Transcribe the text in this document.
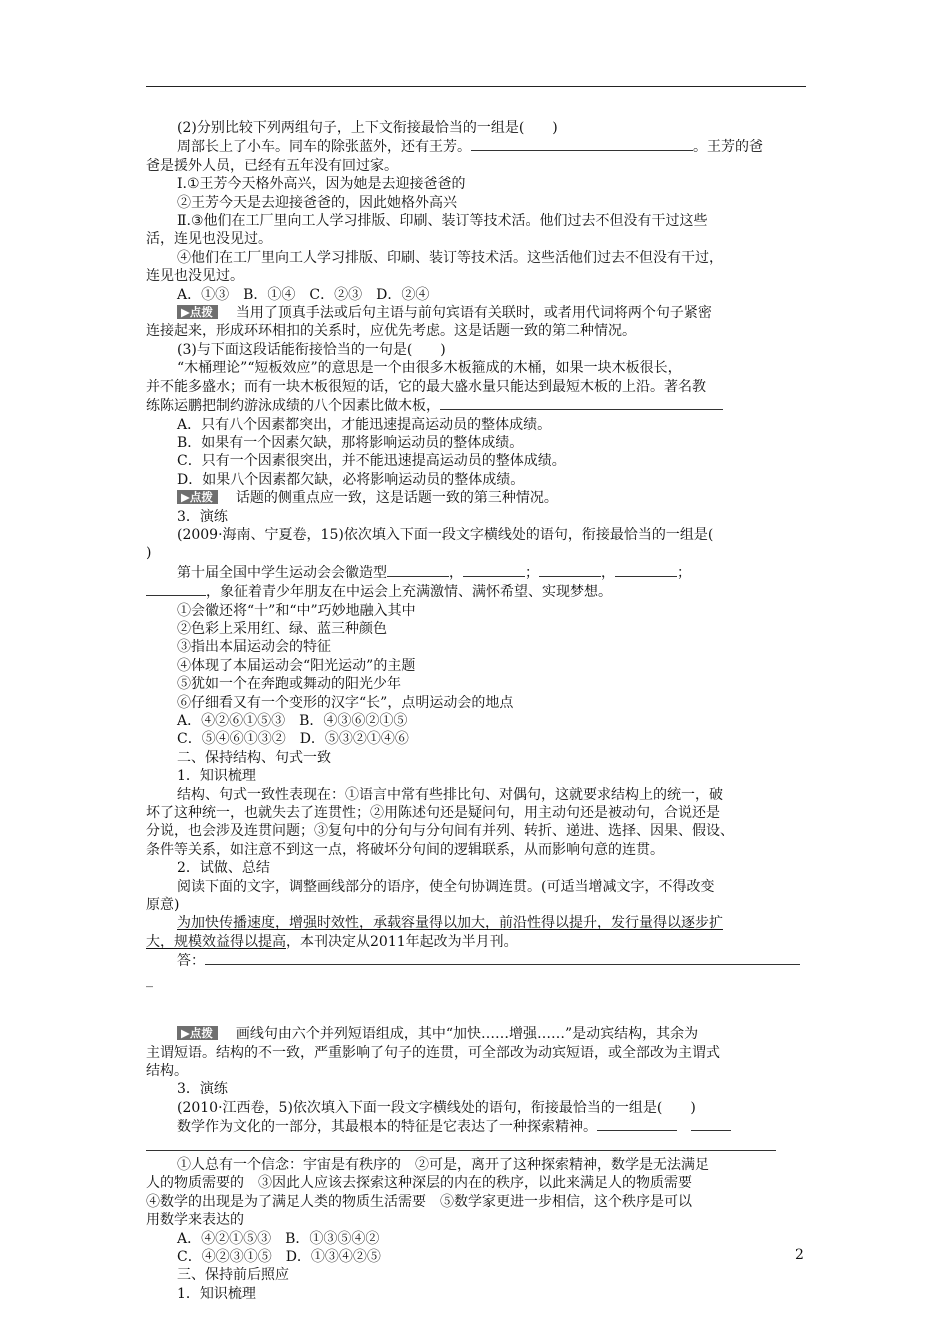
(2)分别比较下列两组句子，上下文衔接最恰当的一组是(　　)
周部长上了小车。同车的除张蓝外，还有王芳。	。王芳的爸
爸是援外人员，已经有五年没有回过家。
Ⅰ.①王芳今天格外高兴，因为她是去迎接爸爸的
②王芳今天是去迎接爸爸的，因此她格外高兴
Ⅱ.③他们在工厂里向工人学习排版、印刷、装订等技术活。他们过去不但没有干过这些
活，连见也没见过。
④他们在工厂里向工人学习排版、印刷、装订等技术活。这些活他们过去不但没有干过，
连见也没见过。
A．①③　B．①④　C．②③　D．②④
▶点拨 当用了顶真手法或后句主语与前句宾语有关联时，或者用代词将两个句子紧密
连接起来，形成环环相扣的关系时，应优先考虑。这是话题一致的第二种情况。
(3)与下面这段话能衔接恰当的一句是(　　)
“木桶理论”“短板效应”的意思是一个由很多木板箍成的木桶，如果一块木板很长，
并不能多盛水；而有一块木板很短的话，它的最大盛水量只能达到最短木板的上沿。著名教
练陈运鹏把制约游泳成绩的八个因素比做木板，
A．只有八个因素都突出，才能迅速提高运动员的整体成绩。
B．如果有一个因素欠缺，那将影响运动员的整体成绩。
C．只有一个因素很突出，并不能迅速提高运动员的整体成绩。
D．如果八个因素都欠缺，必将影响运动员的整体成绩。
▶点拨 话题的侧重点应一致，这是话题一致的第三种情况。
3．演练
(2009·海南、宁夏卷，15)依次填入下面一段文字横线处的语句，衔接最恰当的一组是(
)
第十届全国中学生运动会会徽造型	，	；	，	；
，象征着青少年朋友在中运会上充满激情、满怀希望、实现梦想。
①会徽还将“十”和“中”巧妙地融入其中
②色彩上采用红、绿、蓝三种颜色
③指出本届运动会的特征
④体现了本届运动会“阳光运动”的主题
⑤犹如一个在奔跑或舞动的阳光少年
⑥仔细看又有一个变形的汉字“长”，点明运动会的地点
A．④②⑥①⑤③　B．④③⑥②①⑤
C．⑤④⑥①③②　D．⑤③②①④⑥
二、保持结构、句式一致
1．知识梳理
结构、句式一致性表现在：①语言中常有些排比句、对偶句，这就要求结构上的统一，破
坏了这种统一，也就失去了连贯性；②用陈述句还是疑问句，用主动句还是被动句，合说还是
分说，也会涉及连贯问题；③复句中的分句与分句间有并列、转折、递进、选择、因果、假设、
条件等关系，如注意不到这一点，将破坏分句间的逻辑联系，从而影响句意的连贯。
2．试做、总结
阅读下面的文字，调整画线部分的语序，使全句协调连贯。(可适当增减文字，不得改变
原意)
为加快传播速度，增强时效性，承载容量得以加大，前沿性得以提升，发行量得以逐步扩
大，规模效益得以提高，本刊决定从2011年起改为半月刊。
答：
_
▶点拨 画线句由六个并列短语组成，其中“加快……增强……”是动宾结构，其余为
主谓短语。结构的不一致，严重影响了句子的连贯，可全部改为动宾短语，或全部改为主谓式
结构。
3．演练
(2010·江西卷，5)依次填入下面一段文字横线处的语句，衔接最恰当的一组是(　　)
数学作为文化的一部分，其最根本的特征是它表达了一种探索精神。　
①人总有一个信念：宇宙是有秩序的　②可是，离开了这种探索精神，数学是无法满足
人的物质需要的　③因此人应该去探索这种深层的内在的秩序，以此来满足人的物质需要
④数学的出现是为了满足人类的物质生活需要　⑤数学家更进一步相信，这个秩序是可以
用数学来表达的
A．④②①⑤③　B．①③⑤④②
C．④②③①⑤　D．①③④②⑤
三、保持前后照应
1．知识梳理
2
